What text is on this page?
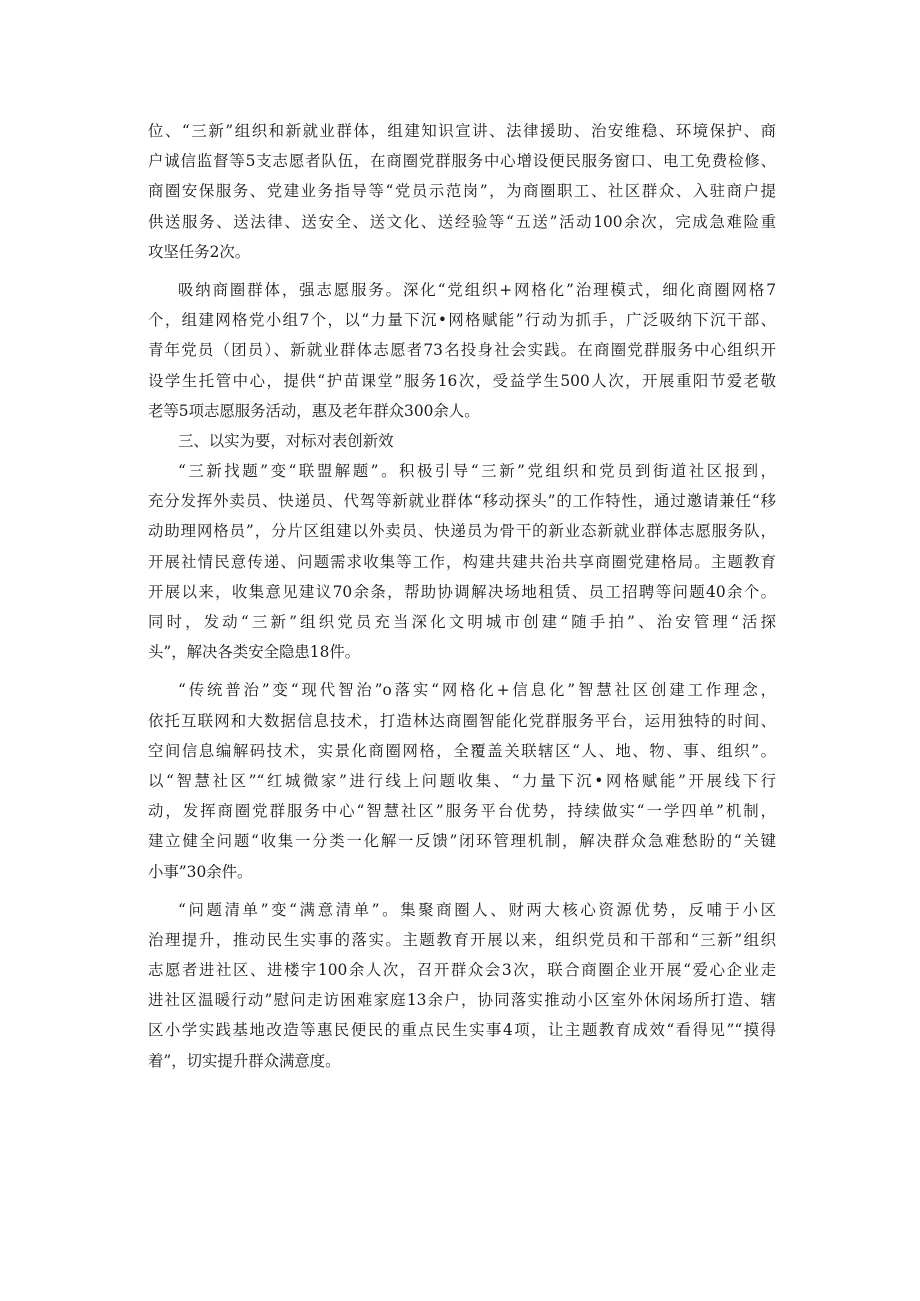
位、“三新”组织和新就业群体，组建知识宣讲、法律援助、治安维稳、环境保护、商
户诚信监督等5支志愿者队伍，在商圈党群服务中心增设便民服务窗口、电工免费检修、
商圈安保服务、党建业务指导等“党员示范岗”，为商圈职工、社区群众、入驻商户提
供送服务、送法律、送安全、送文化、送经验等“五送”活动100余次，完成急难险重
攻坚任务2次。
吸纳商圈群体，强志愿服务。深化“党组织+网格化”治理模式，细化商圈网格7
个，组建网格党小组7个，以“力量下沉•网格赋能”行动为抓手，广泛吸纳下沉干部、
青年党员（团员）、新就业群体志愿者73名投身社会实践。在商圈党群服务中心组织开
设学生托管中心，提供“护苗课堂”服务16次，受益学生500人次，开展重阳节爱老敬
老等5项志愿服务活动，惠及老年群众300余人。
三、以实为要，对标对表创新效
“三新找题”变“联盟解题”。积极引导“三新”党组织和党员到街道社区报到，
充分发挥外卖员、快递员、代驾等新就业群体“移动探头”的工作特性，通过邀请兼任“移
动助理网格员”，分片区组建以外卖员、快递员为骨干的新业态新就业群体志愿服务队，
开展社情民意传递、问题需求收集等工作，构建共建共治共享商圈党建格局。主题教育
开展以来，收集意见建议70余条，帮助协调解决场地租赁、员工招聘等问题40余个。
同时，发动“三新”组织党员充当深化文明城市创建“随手拍”、治安管理“活探
头”，解决各类安全隐患18件。
“传统普治”变“现代智治”o落实“网格化+信息化”智慧社区创建工作理念，
依托互联网和大数据信息技术，打造林达商圈智能化党群服务平台，运用独特的时间、
空间信息编解码技术，实景化商圈网格，全覆盖关联辖区“人、地、物、事、组织”。
以“智慧社区”“红城微家”进行线上问题收集、“力量下沉•网格赋能”开展线下行
动，发挥商圈党群服务中心“智慧社区”服务平台优势，持续做实“一学四单”机制，
建立健全问题“收集一分类一化解一反馈”闭环管理机制，解决群众急难愁盼的“关键
小事”30余件。
“问题清单”变“满意清单”。集聚商圈人、财两大核心资源优势，反哺于小区
治理提升，推动民生实事的落实。主题教育开展以来，组织党员和干部和“三新”组织
志愿者进社区、进楼宇100余人次，召开群众会3次，联合商圈企业开展“爱心企业走
进社区温暖行动”慰问走访困难家庭13余户，协同落实推动小区室外休闲场所打造、辖
区小学实践基地改造等惠民便民的重点民生实事4项，让主题教育成效“看得见”“摸得
着”，切实提升群众满意度。
